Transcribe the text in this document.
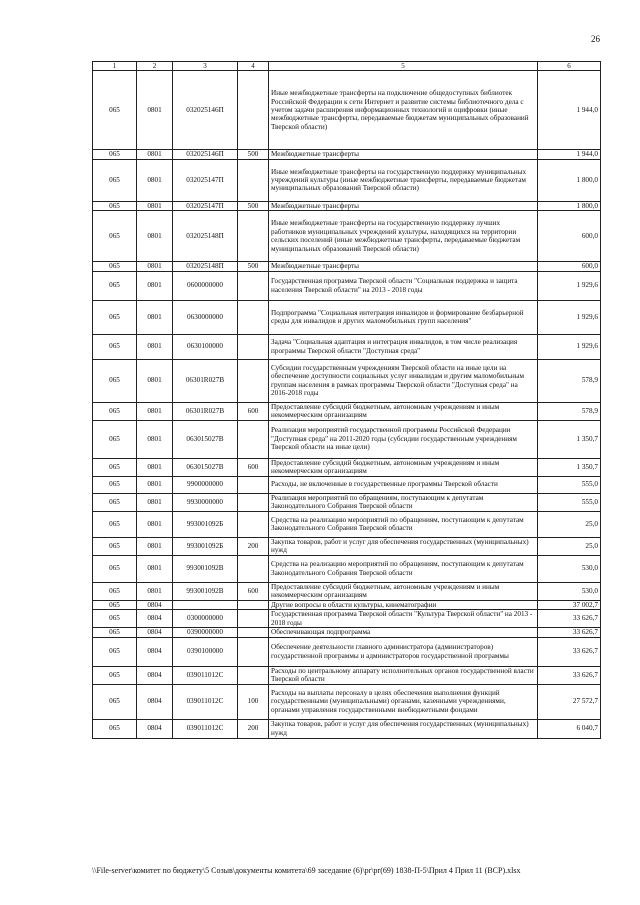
26
1	2	3	4	5	6
065	0801	032025146П		Иные межбюджетные трансферты на подключение общедоступных библиотек Российской Федерации к сети Интернет и развитие системы библиотечного дела с учетом задачи расширения информационных технологий и оцифровки (иные межбюджетные трансферты, передаваемые бюджетам муниципальных образований Тверской области)	1 944,0
065	0801	032025146П	500	Межбюджетные трансферты	1 944,0
065	0801	032025147П		Иные межбюджетные трансферты на государственную поддержку муниципальных учреждений культуры (иные межбюджетные трансферты, передаваемые бюджетам муниципальных образований Тверской области)	1 800,0
065	0801	032025147П	500	Межбюджетные трансферты	1 800,0
065	0801	032025148П		Иные межбюджетные трансферты на государственную поддержку лучших работников муниципальных учреждений культуры, находящихся на территории сельских поселений (иные межбюджетные трансферты, передаваемые бюджетам муниципальных образований Тверской области)	600,0
065	0801	032025148П	500	Межбюджетные трансферты	600,0
065	0801	0600000000		Государственная программа Тверской области "Социальная поддержка и защита населения Тверской области" на 2013 - 2018 годы	1 929,6
065	0801	0630000000		Подпрограмма "Социальная интеграция инвалидов и формирование безбарьерной среды для инвалидов и других маломобильных групп населения"	1 929,6
065	0801	0630100000		Задача "Социальная адаптация и интеграция инвалидов, в том числе реализация программы Тверской области "Доступная среда"	1 929,6
065	0801	06301R027B		Субсидии государственным учреждениям Тверской области на иные цели на обеспечение доступности социальных услуг инвалидам и другим маломобильным группам населения в рамках программы Тверской области "Доступная среда" на 2016-2018 годы	578,9
065	0801	06301R027B	600	Предоставление субсидий бюджетным, автономным учреждениям и иным некоммерческим организациям	578,9
065	0801	063015027B		Реализация мероприятий государственной программы Российской Федерации "Доступная среда" на 2011-2020 годы (субсидии государственным учреждениям Тверской области на иные цели)	1 350,7
065	0801	063015027B	600	Предоставление субсидий бюджетным, автономным учреждениям и иным некоммерческим организациям	1 350,7
065	0801	9900000000		Расходы, не включенные в государственные программы Тверской области	555,0
065	0801	9930000000		Реализация мероприятий по обращениям, поступающим к депутатам Законодательного Собрания Тверской области	555,0
065	0801	993001092Б		Средства на реализацию мероприятий по обращениям, поступающим к депутатам Законодательного Собрания Тверской области	25,0
065	0801	993001092Б	200	Закупка товаров, работ и услуг для обеспечения государственных (муниципальных) нужд	25,0
065	0801	993001092В		Средства на реализацию мероприятий по обращениям, поступающим к депутатам Законодательного Собрания Тверской области	530,0
065	0801	993001092В	600	Предоставление субсидий бюджетным, автономным учреждениям и иным некоммерческим организациям	530,0
065	0804			Другие вопросы в области культуры, кинематографии	37 002,7
065	0804	0300000000		Государственная программа Тверской области "Культура Тверской области" на 2013 - 2018 годы	33 626,7
065	0804	0390000000		Обеспечивающая подпрограмма	33 626,7
065	0804	0390100000		Обеспечение деятельности главного администратора (администраторов) государственной программы и администраторов государственной программы	33 626,7
065	0804	039011012С		Расходы по центральному аппарату исполнительных органов государственной власти Тверской области	33 626,7
065	0804	039011012С	100	Расходы на выплаты персоналу в целях обеспечения выполнения функций государственными (муниципальными) органами, казенными учреждениями, органами управления государственными внебюджетными фондами	27 572,7
065	0804	039011012С	200	Закупка товаров, работ и услуг для обеспечения государственных (муниципальных) нужд	6 040,7
\\File-server\комитет по бюджету\5 Созыв\документы комитета\69 заседание (6)\pr\pr(69) 1838-П-5\Прил 4 Прил 11 (ВСР).xlsx
